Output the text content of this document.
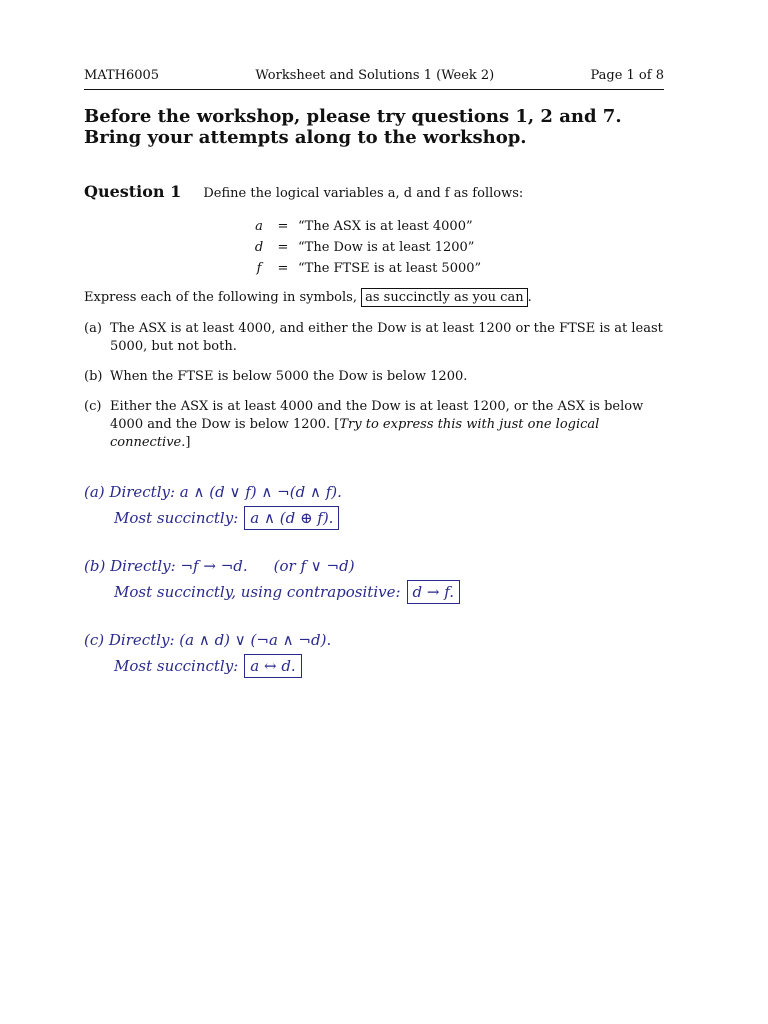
MATH6005	Worksheet and Solutions 1 (Week 2)	Page 1 of 8
Before the workshop, please try questions 1, 2 and 7.
Bring your attempts along to the workshop.
Question 1 Define the logical variables a, d and f as follows:
a	= “The ASX is at least 4000”
d	= “The Dow is at least 1200”
f	= “The FTSE is at least 5000”
Express each of the following in symbols, as succinctly as you can .
(a) The ASX is at least 4000, and either the Dow is at least 1200 or the FTSE is at least 5000, but not both.
(b) When the FTSE is below 5000 the Dow is below 1200.
(c) Either the ASX is at least 4000 and the Dow is at least 1200, or the ASX is below 4000 and the Dow is below 1200. [Try to express this with just one logical connective.]
(a) Directly: a ∧ (d ∨ f) ∧ ¬(d ∧ f).
Most succinctly: a ∧ (d ⊕ f).
(b) Directly: ¬f → ¬d. (or f ∨ ¬d)
Most succinctly, using contrapositive: d → f.
(c) Directly: (a ∧ d) ∨ (¬a ∧ ¬d).
Most succinctly: a ↔ d.
